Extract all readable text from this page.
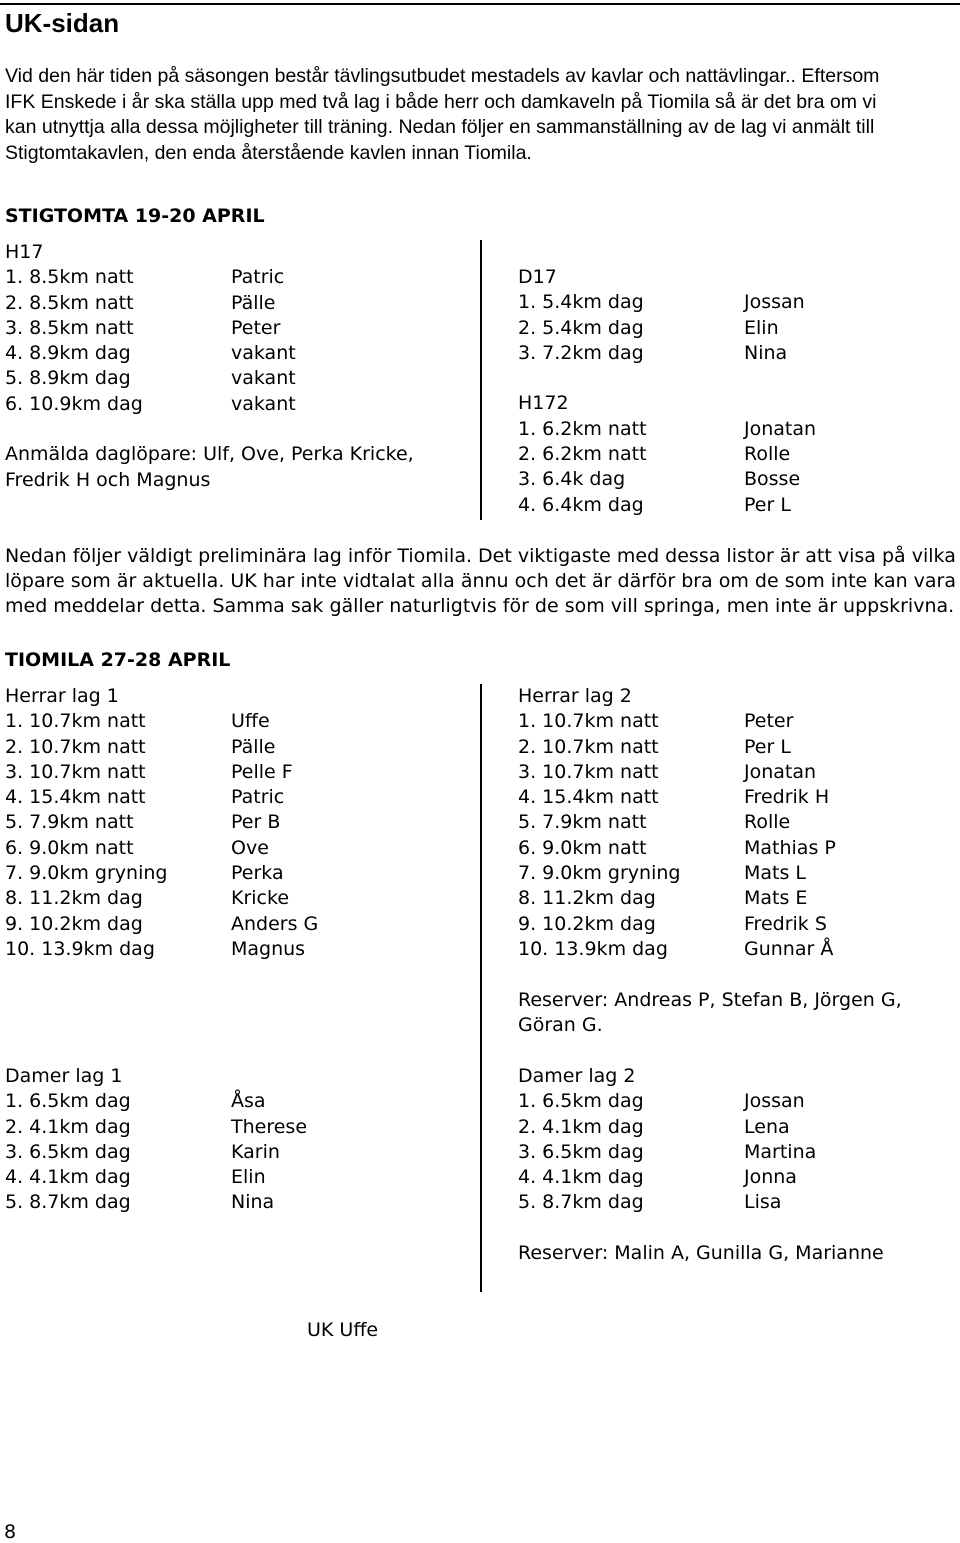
UK-sidan
Vid den här tiden på säsongen består tävlingsutbudet mestadels av kavlar och nattävlingar.. Eftersom
IFK Enskede i år ska ställa upp med två lag i både herr och damkaveln på Tiomila så är det bra om vi
kan utnyttja alla dessa möjligheter till träning. Nedan följer en sammanställning av de lag vi anmält till
Stigtomtakavlen, den enda återstående kavlen innan Tiomila.
STIGTOMTA 19-20 APRIL
H17
1. 8.5km natt	Patric
2. 8.5km natt	Pälle
3. 8.5km natt	Peter
4. 8.9km dag	vakant
5. 8.9km dag	vakant
6. 10.9km dag	vakant
Anmälda daglöpare: Ulf, Ove, Perka Kricke,
Fredrik H och Magnus
D17
1. 5.4km dag	Jossan
2. 5.4km dag	Elin
3. 7.2km dag	Nina
H172
1. 6.2km natt	Jonatan
2. 6.2km natt	Rolle
3. 6.4k dag	Bosse
4. 6.4km dag	Per L
Nedan följer väldigt preliminära lag inför Tiomila. Det viktigaste med dessa listor är att visa på vilka
löpare som är aktuella. UK har inte vidtalat alla ännu och det är därför bra om de som inte kan vara
med meddelar detta. Samma sak gäller naturligtvis för de som vill springa, men inte är uppskrivna.
TIOMILA 27-28 APRIL
Herrar lag 1
1. 10.7km natt	Uffe
2. 10.7km natt	Pälle
3. 10.7km natt	Pelle F
4. 15.4km natt	Patric
5. 7.9km natt	Per B
6. 9.0km natt	Ove
7. 9.0km gryning	Perka
8. 11.2km dag	Kricke
9. 10.2km dag	Anders G
10. 13.9km dag	Magnus
Herrar lag 2
1. 10.7km natt	Peter
2. 10.7km natt	Per L
3. 10.7km natt	Jonatan
4. 15.4km natt	Fredrik H
5. 7.9km natt	Rolle
6. 9.0km natt	Mathias P
7. 9.0km gryning	Mats L
8. 11.2km dag	Mats E
9. 10.2km dag	Fredrik S
10. 13.9km dag	Gunnar Å
Reserver: Andreas P, Stefan B, Jörgen G,
Göran G.
Damer lag 1
1. 6.5km dag	Åsa
2. 4.1km dag	Therese
3. 6.5km dag	Karin
4. 4.1km dag	Elin
5. 8.7km dag	Nina
Damer lag 2
1. 6.5km dag	Jossan
2. 4.1km dag	Lena
3. 6.5km dag	Martina
4. 4.1km dag	Jonna
5. 8.7km dag	Lisa
Reserver: Malin A, Gunilla G, Marianne
UK Uffe
8
